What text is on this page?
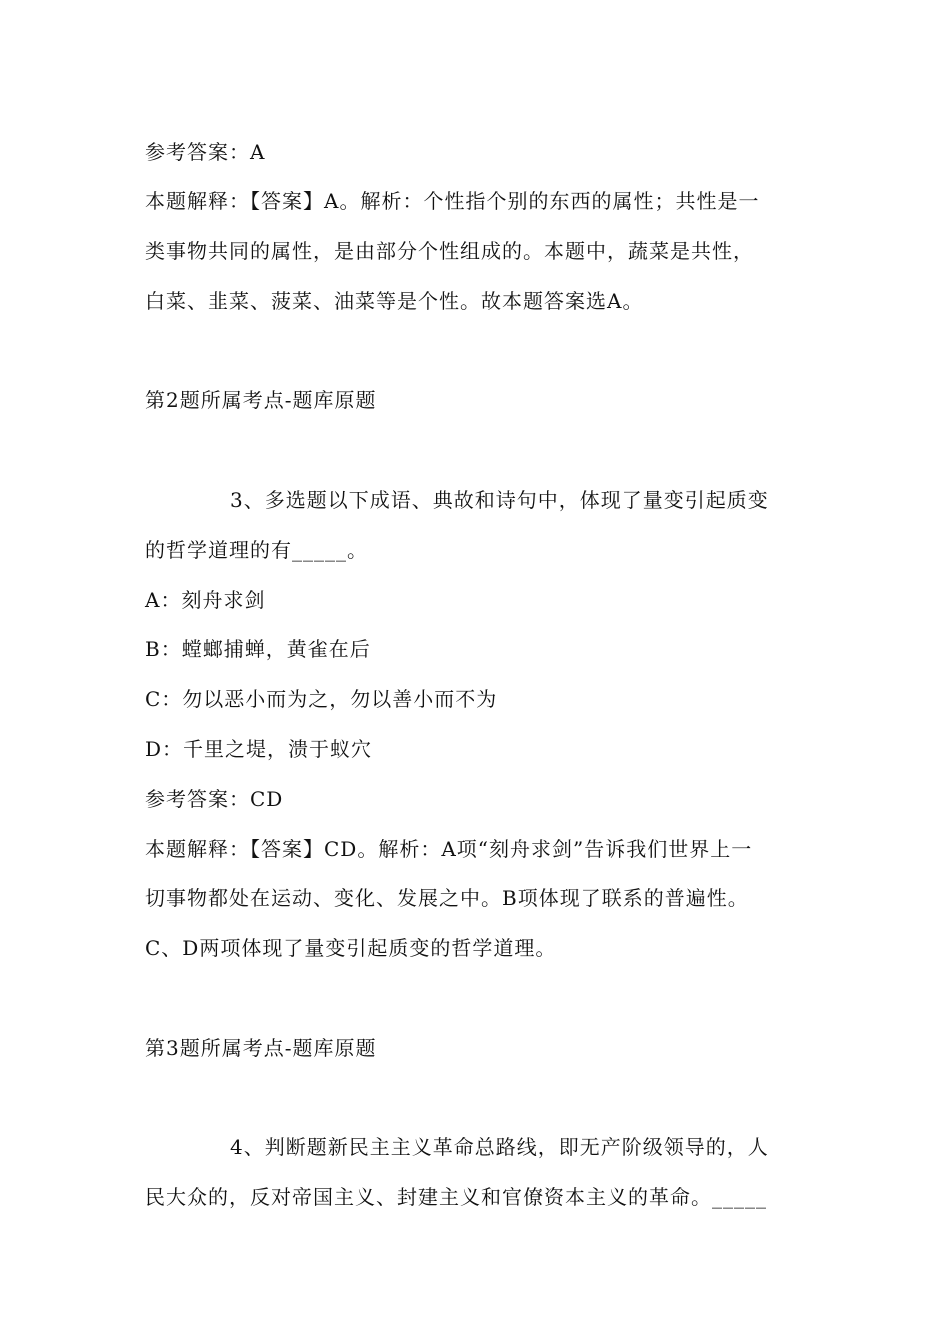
参考答案：A
本题解释：【答案】A。解析：个性指个别的东西的属性；共性是一
类事物共同的属性，是由部分个性组成的。本题中，蔬菜是共性，
白菜、韭菜、菠菜、油菜等是个性。故本题答案选A。
第2题所属考点-题库原题
3、多选题以下成语、典故和诗句中，体现了量变引起质变
的哲学道理的有_____。
A：刻舟求剑
B：螳螂捕蝉，黄雀在后
C：勿以恶小而为之，勿以善小而不为
D：千里之堤，溃于蚁穴
参考答案：CD
本题解释：【答案】CD。解析：A项“刻舟求剑”告诉我们世界上一
切事物都处在运动、变化、发展之中。B项体现了联系的普遍性。
C、D两项体现了量变引起质变的哲学道理。
第3题所属考点-题库原题
4、判断题新民主主义革命总路线，即无产阶级领导的，人
民大众的，反对帝国主义、封建主义和官僚资本主义的革命。_____
